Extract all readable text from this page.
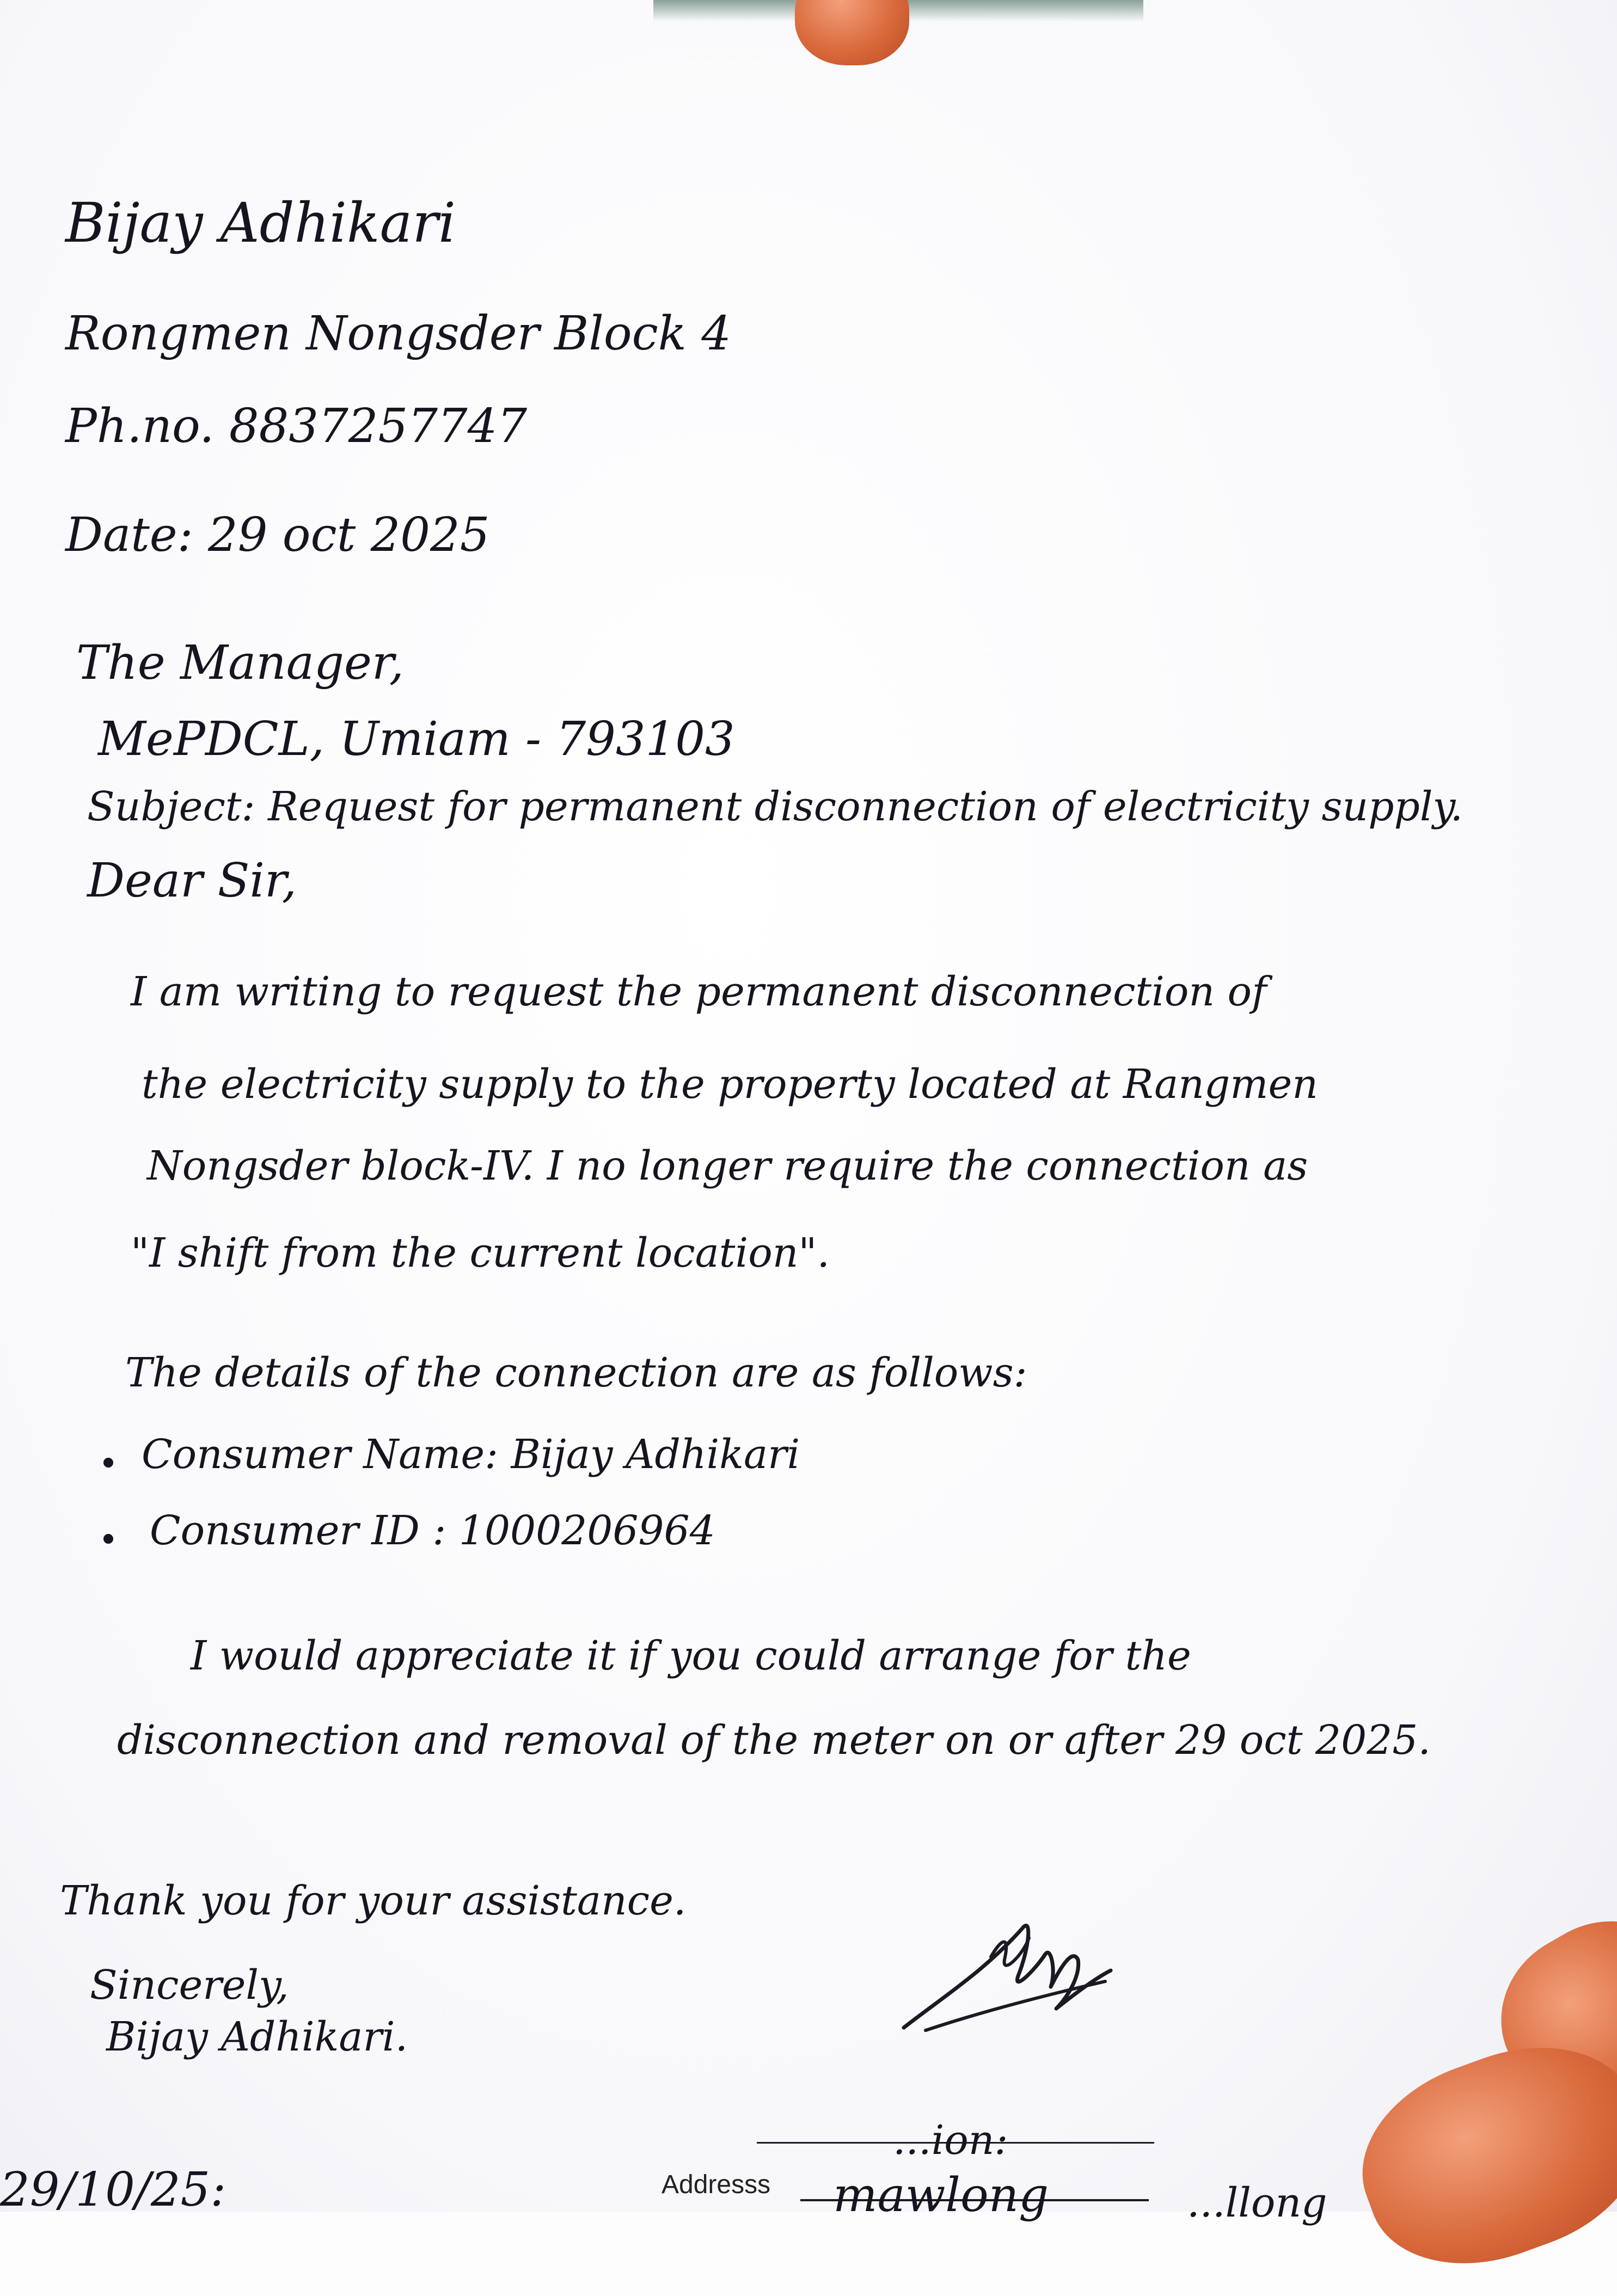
Bijay Adhikari
Rongmen Nongsder Block 4
Ph.no. 8837257747
Date: 29 oct 2025
The Manager,
MePDCL, Umiam - 793103
Subject: Request for permanent disconnection of electricity supply.
Dear Sir,
I am writing to request the permanent disconnection of
the electricity supply to the property located at Rangmen
Nongsder block-IV. I no longer require the connection as
"I shift from the current location".
The details of the connection are as follows:
Consumer Name: Bijay Adhikari
Consumer ID : 1000206964
I would appreciate it if you could arrange for the
disconnection and removal of the meter on or after 29 oct 2025.
Thank you for your assistance.
Sincerely,
Bijay Adhikari.
29/10/25:	Addresss
...ion:
mawlong	...llong
